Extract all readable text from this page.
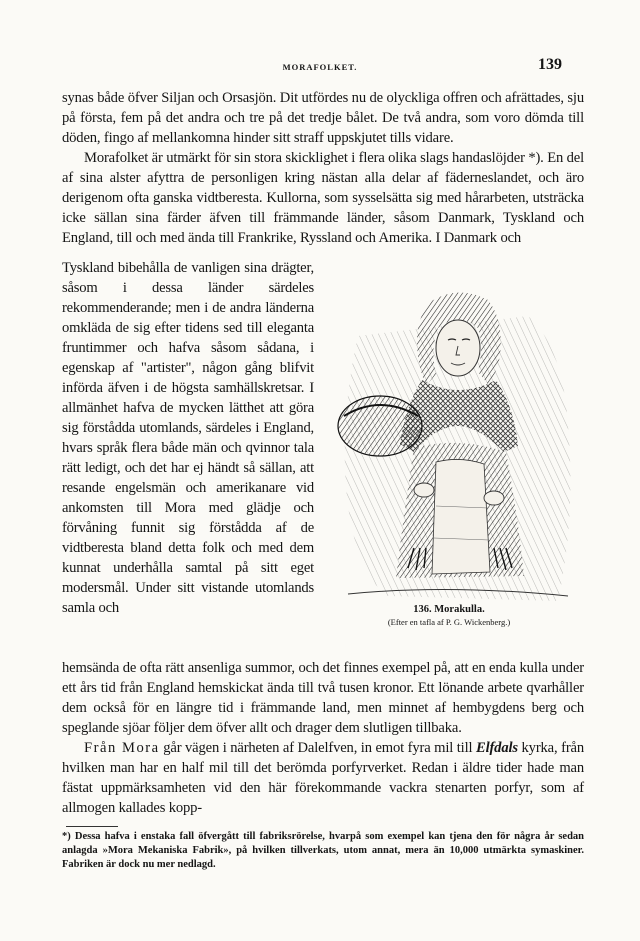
MORAFOLKET.	139

synas både öfver Siljan och Orsasjön. Dit utfördes nu de olyckliga offren och afrättades, sju på första, fem på det andra och tre på det tredje bålet. De två andra, som voro dömda till döden, fingo af mellankomna hinder sitt straff uppskjutet tills vidare.

Morafolket är utmärkt för sin stora skicklighet i flera olika slags handaslöjder *). En del af sina alster afyttra de personligen kring nästan alla delar af fäderneslandet, och äro derigenom ofta ganska vidtberesta. Kullorna, som sysselsätta sig med hårarbeten, utsträcka icke sällan sina färder äfven till främmande länder, såsom Danmark, Tyskland och England, till och med ända till Frankrike, Ryssland och Amerika. I Danmark och

Tyskland bibehålla de vanligen sina drägter, såsom i dessa länder särdeles rekommenderande; men i de andra länderna omkläda de sig efter tidens sed till eleganta fruntimmer och hafva såsom sådana, i egenskap af "artister", någon gång blifvit införda äfven i de högsta samhällskretsar. I allmänhet hafva de mycken lätthet att göra sig förstådda utomlands, särdeles i England, hvars språk flera både män och qvinnor tala rätt ledigt, och det har ej händt så sällan, att resande engelsmän och amerikanare vid ankomsten till Mora med glädje och förvåning funnit sig förstådda af de vidtberesta bland detta folk och med dem kunnat underhålla samtal på sitt eget modersmål. Under sitt vistande utomlands samla och	136. Morakulla.
(Efter en tafla af P. G. Wickenberg.)

hemsända de ofta rätt ansenliga summor, och det finnes exempel på, att en enda kulla under ett års tid från England hemskickat ända till två tusen kronor. Ett lönande arbete qvarhåller dem också för en längre tid i främmande land, men minnet af hembygdens berg och speglande sjöar följer dem öfver allt och drager dem slutligen tillbaka.

Från Mora går vägen i närheten af Dalelfven, in emot fyra mil till Elfdals kyrka, från hvilken man har en half mil till det berömda porfyrverket. Redan i äldre tider hade man fästat uppmärksamheten vid den här förekommande vackra stenarten porfyr, som af allmogen kallades kopp-

*) Dessa hafva i enstaka fall öfvergått till fabriksrörelse, hvarpå som exempel kan tjena den för några år sedan anlagda »Mora Mekaniska Fabrik», på hvilken tillverkats, utom annat, mera än 10,000 utmärkta symaskiner. Fabriken är dock nu mer nedlagd.
